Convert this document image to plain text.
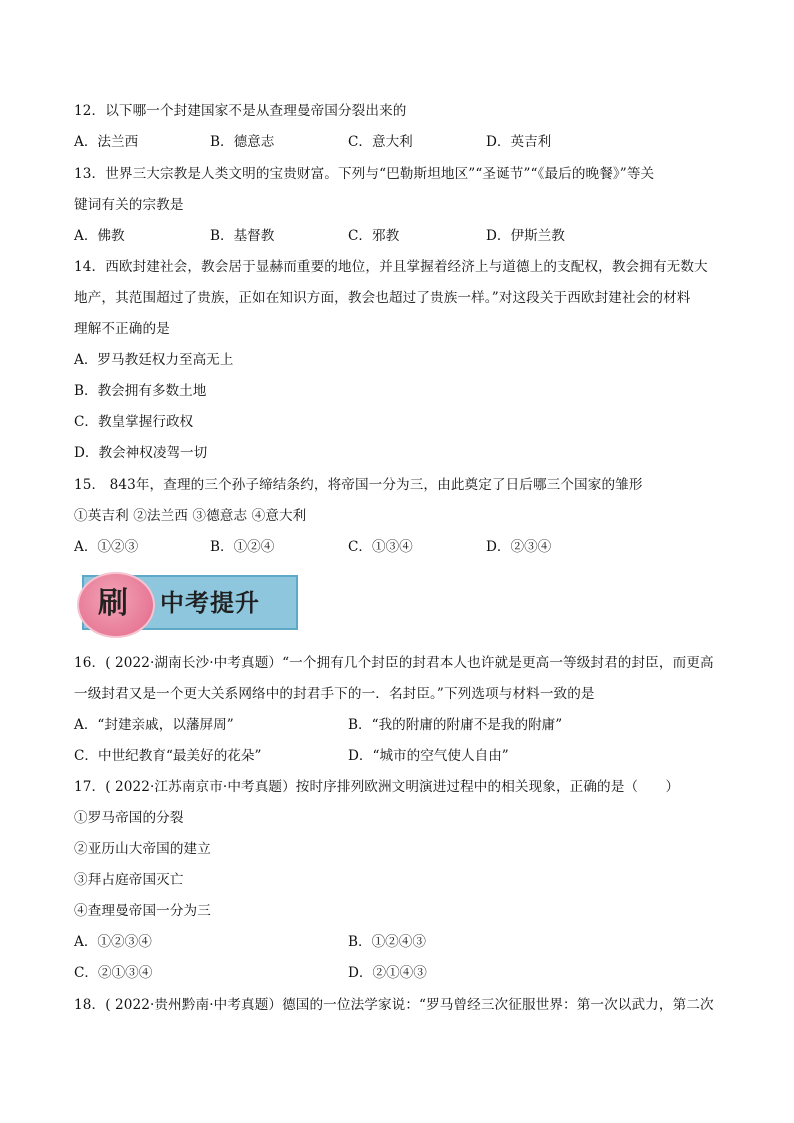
12．以下哪一个封建国家不是从查理曼帝国分裂出来的
A．法兰西	B．德意志	C．意大利	D．英吉利
13．世界三大宗教是人类文明的宝贵财富。下列与“巴勒斯坦地区”“圣诞节”“《最后的晚餐》”等关
键词有关的宗教是
A．佛教	B．基督教	C．邪教	D．伊斯兰教
14．西欧封建社会，教会居于显赫而重要的地位，并且掌握着经济上与道德上的支配权，教会拥有无数大
地产，其范围超过了贵族，正如在知识方面，教会也超过了贵族一样。”对这段关于西欧封建社会的材料
理解不正确的是
A．罗马教廷权力至高无上
B．教会拥有多数土地
C．教皇掌握行政权
D．教会神权凌驾一切
15． 843年，查理的三个孙子缔结条约，将帝国一分为三，由此奠定了日后哪三个国家的雏形
①英吉利 ②法兰西 ③德意志 ④意大利
A．①②③	B．①②④	C．①③④	D．②③④
刷 中考提升
16．( 2022·湖南长沙·中考真题）“一个拥有几个封臣的封君本人也许就是更高一等级封君的封臣，而更高
一级封君又是一个更大关系网络中的封君手下的一．名封臣。”下列选项与材料一致的是
A．“封建亲戚，以藩屏周”	B．“我的附庸的附庸不是我的附庸”
C．中世纪教育“最美好的花朵”	D．“城市的空气使人自由”
17．( 2022·江苏南京市·中考真题）按时序排列欧洲文明演进过程中的相关现象，正确的是（　　）
①罗马帝国的分裂
②亚历山大帝国的建立
③拜占庭帝国灭亡
④查理曼帝国一分为三
A．①②③④	B．①②④③
C．②①③④	D．②①④③
18．( 2022·贵州黔南·中考真题）德国的一位法学家说：“罗马曾经三次征服世界：第一次以武力，第二次
